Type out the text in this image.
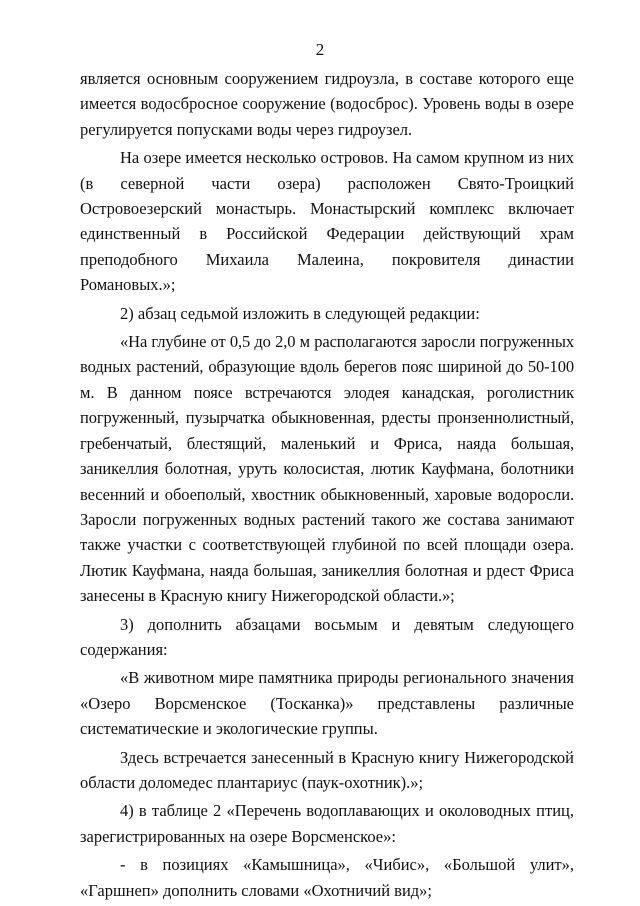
2

является основным сооружением гидроузла, в составе которого еще имеется водосбросное сооружение (водосброс). Уровень воды в озере регулируется попусками воды через гидроузел.

На озере имеется несколько островов. На самом крупном из них (в северной части озера) расположен Свято-Троицкий Островоезерский монастырь. Монастырский комплекс включает единственный в Российской Федерации действующий храм преподобного Михаила Малеина, покровителя династии Романовых.»;

2) абзац седьмой изложить в следующей редакции:

«На глубине от 0,5 до 2,0 м располагаются заросли погруженных водных растений, образующие вдоль берегов пояс шириной до 50-100 м. В данном поясе встречаются элодея канадская, роголистник погруженный, пузырчатка обыкновенная, рдесты пронзеннолистный, гребенчатый, блестящий, маленький и Фриса, наяда большая, заникеллия болотная, уруть колосистая, лютик Кауфмана, болотники весенний и обоеполый, хвостник обыкновенный, харовые водоросли. Заросли погруженных водных растений такого же состава занимают также участки с соответствующей глубиной по всей площади озера. Лютик Кауфмана, наяда большая, заникеллия болотная и рдест Фриса занесены в Красную книгу Нижегородской области.»;

3) дополнить абзацами восьмым и девятым следующего содержания:

«В животном мире памятника природы регионального значения «Озеро Ворсменское (Тосканка)» представлены различные систематические и экологические группы.

Здесь встречается занесенный в Красную книгу Нижегородской области доломедес плантариус (паук-охотник).»;

4) в таблице 2 «Перечень водоплавающих и околоводных птиц, зарегистрированных на озере Ворсменское»:

- в позициях «Камышница», «Чибис», «Большой улит», «Гаршнеп» дополнить словами «Охотничий вид»;
